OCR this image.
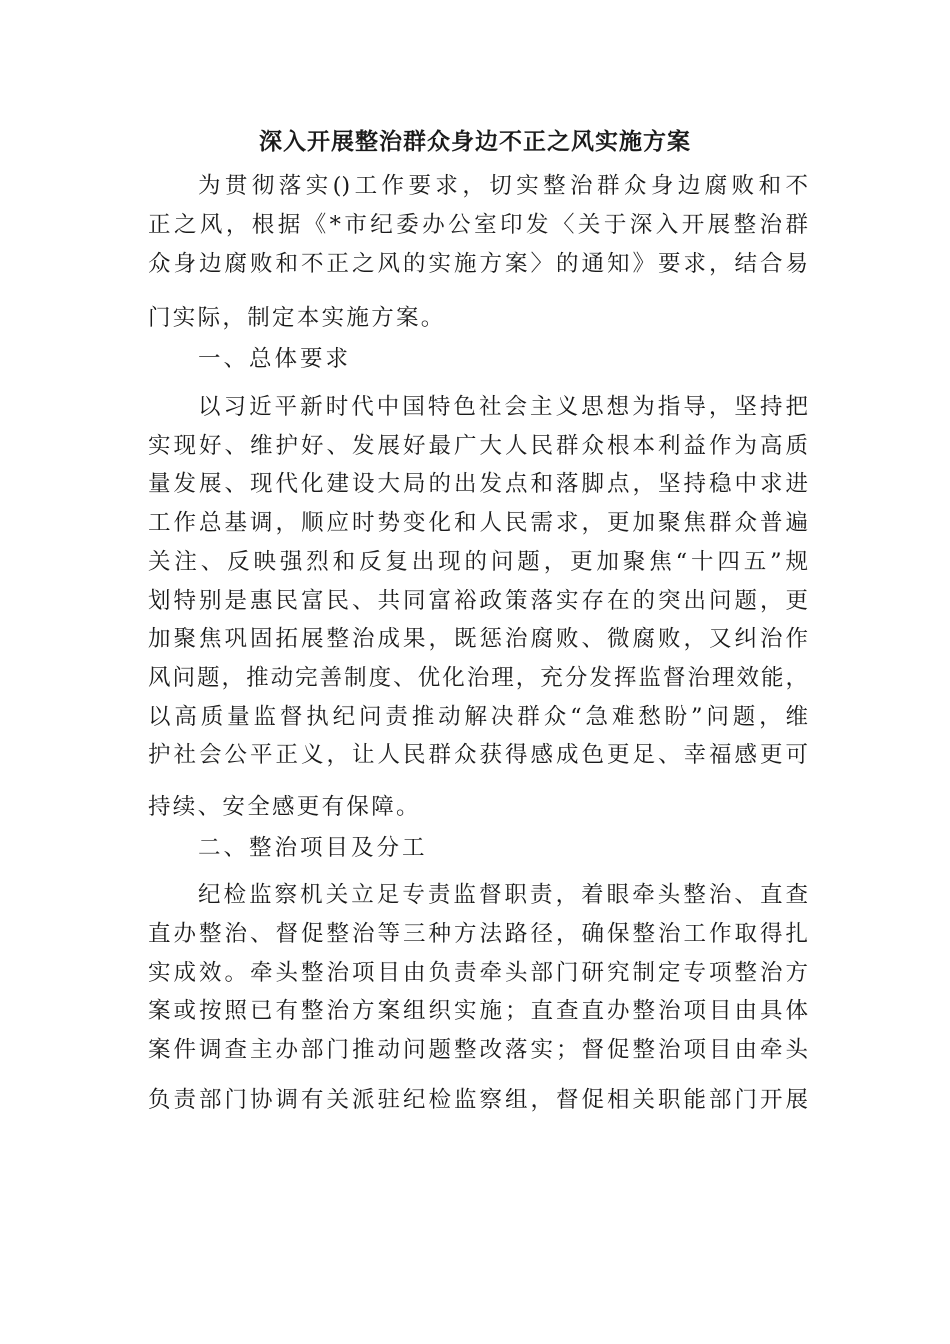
深入开展整治群众身边不正之风实施方案
为贯彻落实()工作要求，切实整治群众身边腐败和不
正之风，根据《*市纪委办公室印发〈关于深入开展整治群
众身边腐败和不正之风的实施方案〉的通知》要求，结合易
门实际，制定本实施方案。
一、总体要求
以习近平新时代中国特色社会主义思想为指导，坚持把
实现好、维护好、发展好最广大人民群众根本利益作为高质
量发展、现代化建设大局的出发点和落脚点，坚持稳中求进
工作总基调，顺应时势变化和人民需求，更加聚焦群众普遍
关注、反映强烈和反复出现的问题，更加聚焦“十四五”规
划特别是惠民富民、共同富裕政策落实存在的突出问题，更
加聚焦巩固拓展整治成果，既惩治腐败、微腐败，又纠治作
风问题，推动完善制度、优化治理，充分发挥监督治理效能，
以高质量监督执纪问责推动解决群众“急难愁盼”问题，维
护社会公平正义，让人民群众获得感成色更足、幸福感更可
持续、安全感更有保障。
二、整治项目及分工
纪检监察机关立足专责监督职责，着眼牵头整治、直查
直办整治、督促整治等三种方法路径，确保整治工作取得扎
实成效。牵头整治项目由负责牵头部门研究制定专项整治方
案或按照已有整治方案组织实施；直查直办整治项目由具体
案件调查主办部门推动问题整改落实；督促整治项目由牵头
负责部门协调有关派驻纪检监察组，督促相关职能部门开展
